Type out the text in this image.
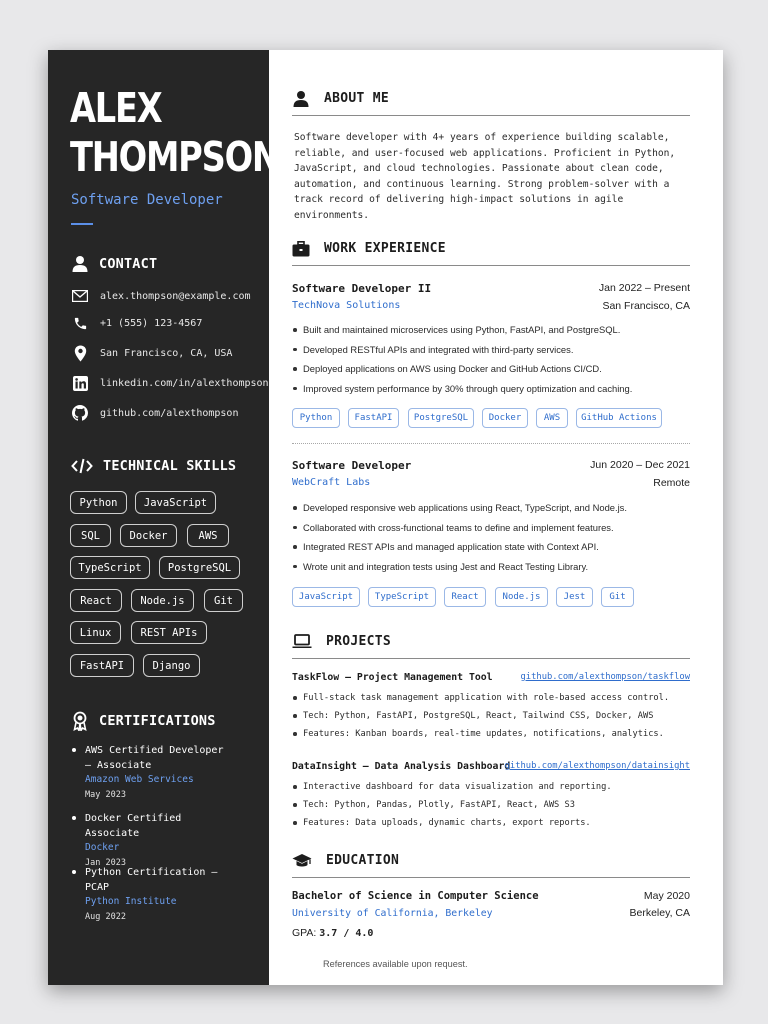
ALEX
THOMPSON
Software Developer
CONTACT
alex.thompson@example.com
+1 (555) 123-4567
San Francisco, CA, USA
linkedin.com/in/alexthompson
github.com/alexthompson
TECHNICAL SKILLS
Python	JavaScript
SQL	Docker	AWS
TypeScript	PostgreSQL
React	Node.js	Git
Linux	REST APIs
FastAPI	Django
CERTIFICATIONS
AWS Certified Developer – Associate
Amazon Web Services
May 2023
Docker Certified Associate
Docker
Jan 2023
Python Certification – PCAP
Python Institute
Aug 2022
ABOUT ME
Software developer with 4+ years of experience building scalable, reliable, and user-focused web applications. Proficient in Python, JavaScript, and cloud technologies. Passionate about clean code, automation, and continuous learning. Strong problem-solver with a track record of delivering high-impact solutions in agile environments.
WORK EXPERIENCE
Software Developer II
TechNova Solutions
Jan 2022 – Present
San Francisco, CA
Built and maintained microservices using Python, FastAPI, and PostgreSQL.
Developed RESTful APIs and integrated with third-party services.
Deployed applications on AWS using Docker and GitHub Actions CI/CD.
Improved system performance by 30% through query optimization and caching.
Python	FastAPI	PostgreSQL	Docker	AWS	GitHub Actions
Software Developer
WebCraft Labs
Jun 2020 – Dec 2021
Remote
Developed responsive web applications using React, TypeScript, and Node.js.
Collaborated with cross-functional teams to define and implement features.
Integrated REST APIs and managed application state with Context API.
Wrote unit and integration tests using Jest and React Testing Library.
JavaScript	TypeScript	React	Node.js	Jest	Git
PROJECTS
TaskFlow – Project Management Tool	github.com/alexthompson/taskflow
Full-stack task management application with role-based access control.
Tech: Python, FastAPI, PostgreSQL, React, Tailwind CSS, Docker, AWS
Features: Kanban boards, real-time updates, notifications, analytics.
DataInsight – Data Analysis Dashboard
github.com/alexthompson/datainsight
Interactive dashboard for data visualization and reporting.
Tech: Python, Pandas, Plotly, FastAPI, React, AWS S3
Features: Data uploads, dynamic charts, export reports.
EDUCATION
Bachelor of Science in Computer Science
University of California, Berkeley
May 2020
Berkeley, CA
GPA: 3.7 / 4.0
References available upon request.
